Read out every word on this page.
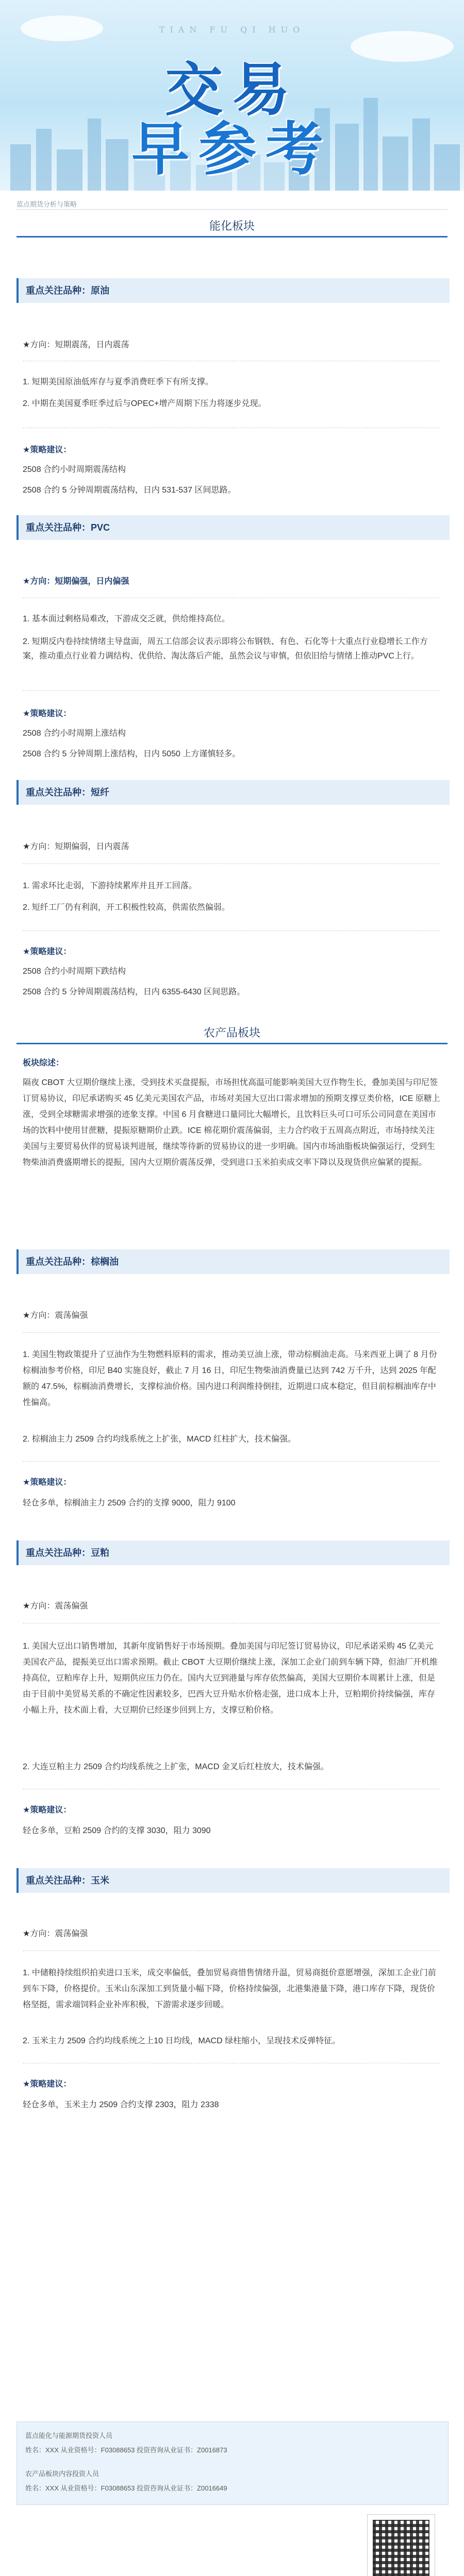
TIAN FU QI HUO
交易
早参考
蓝点期货分析与策略
能化板块
重点关注品种：原油
★方向：短期震荡，日内震荡
1. 短期美国原油低库存与夏季消费旺季下有所支撑。
2. 中期在美国夏季旺季过后与OPEC+增产周期下压力将逐步兑现。
★策略建议：
2508 合约小时周期震荡结构
2508 合约 5 分钟周期震荡结构，日内 531-537 区间思路。
重点关注品种：PVC
★方向：短期偏强，日内偏强
1. 基本面过剩格局难改，下游成交乏就，供给维持高位。
2. 短期反内卷持续情绪主导盘面，周五工信部会议表示即将公布钢铁、有色、石化等十大重点行业稳增长工作方案，推动重点行业着力调结构、优供给、淘汰落后产能，虽然会议与审慎，但依旧给与情绪上推动PVC上行。
★策略建议：
2508 合约小时周期上涨结构
2508 合约 5 分钟周期上涨结构，日内 5050 上方谨慎轻多。
重点关注品种：短纤
★方向：短期偏弱，日内震荡
1. 需求环比走弱，下游持续累库并且开工回落。
2. 短纤工厂仍有利润，开工积极性较高，供需依然偏弱。
★策略建议：
2508 合约小时周期下跌结构
2508 合约 5 分钟周期震荡结构，日内 6355-6430 区间思路。
农产品板块
板块综述：
隔夜 CBOT 大豆期价继续上涨，受到技术买盘提振，市场担忧高温可能影响美国大豆作物生长，叠加美国与印尼签订贸易协议，印尼承诺购买 45 亿美元美国农产品，市场对美国大豆出口需求增加的预期支撑豆类价格，ICE 原糖上涨，受到全球糖需求增强的迹象支撑。中国 6 月食糖进口量同比大幅增长，且饮料巨头可口可乐公司同意在美国市场的饮料中使用甘蔗糖，提振原糖期价止跌。ICE 棉花期价震荡偏弱，主力合约收于五周高点附近，市场持续关注美国与主要贸易伙伴的贸易谈判进展，继续等待新的贸易协议的进一步明确。国内市场油脂板块偏强运行，受到生物柴油消费盛期增长的提振，国内大豆期价震荡反弹，受到进口玉米拍卖成交率下降以及现货供应偏紧的提振。
重点关注品种：棕榈油
★方向：震荡偏强
1. 美国生物政策提升了豆油作为生物燃料原料的需求，推动美豆油上涨，带动棕榈油走高。马来西亚上调了 8 月份棕榈油参考价格，印尼 B40 实施良好，截止 7 月 16 日，印尼生物柴油消费量已达到 742 万千升，达到 2025 年配额的 47.5%，棕榈油消费增长，支撑棕油价格。国内进口利润维持倒挂，近期进口成本稳定，但目前棕榈油库存中性偏高。
2. 棕榈油主力 2509 合约均线系统之上扩张，MACD 红柱扩大，技术偏强。
★策略建议：
轻仓多单，棕榈油主力 2509 合约的支撑 9000，阻力 9100
重点关注品种：豆粕
★方向：震荡偏强
1. 美国大豆出口销售增加，其新年度销售好于市场预期。叠加美国与印尼签订贸易协议，印尼承诺采购 45 亿美元美国农产品，提振美豆出口需求预期。截止 CBOT 大豆期价继续上涨，深加工企业门前到车辆下降，但油厂开机维持高位，豆粕库存上升，短期供应压力仍在。国内大豆到港量与库存依然偏高，美国大豆期价本周累计上涨，但是由于目前中美贸易关系的不确定性因素较多，巴西大豆升贴水价格走强，进口成本上升，豆粕期价持续偏强，库存小幅上升，技术面上看，大豆期价已经逐步回到上方，支撑豆粕价格。
2. 大连豆粕主力 2509 合约均线系统之上扩张，MACD 金叉后红柱放大，技术偏强。
★策略建议：
轻仓多单，豆粕 2509 合约的支撑 3030，阻力 3090
重点关注品种：玉米
★方向：震荡偏强
1. 中储粮持续组织拍卖进口玉米，成交率偏低，叠加贸易商惜售情绪升温，贸易商挺价意愿增强，深加工企业门前到车下降，价格提价。玉米山东深加工到货量小幅下降，价格持续偏强，北港集港量下降，港口库存下降，现货价格坚挺，需求端饲料企业补库积极，下游需求逐步回暖。
2. 玉米主力 2509 合约均线系统之上10 日均线，MACD 绿柱缩小，呈现技术反弹特征。
★策略建议：
轻仓多单，玉米主力 2509 合约支撑 2303，阻力 2338
蓝点能化与能源期货投资人员
姓名：XXX 从业资格号：F03088653 投资咨询从业证书：Z0016873
农产品板块内容投资人员
姓名：XXX 从业资格号：F03088653 投资咨询从业证书：Z0016649
